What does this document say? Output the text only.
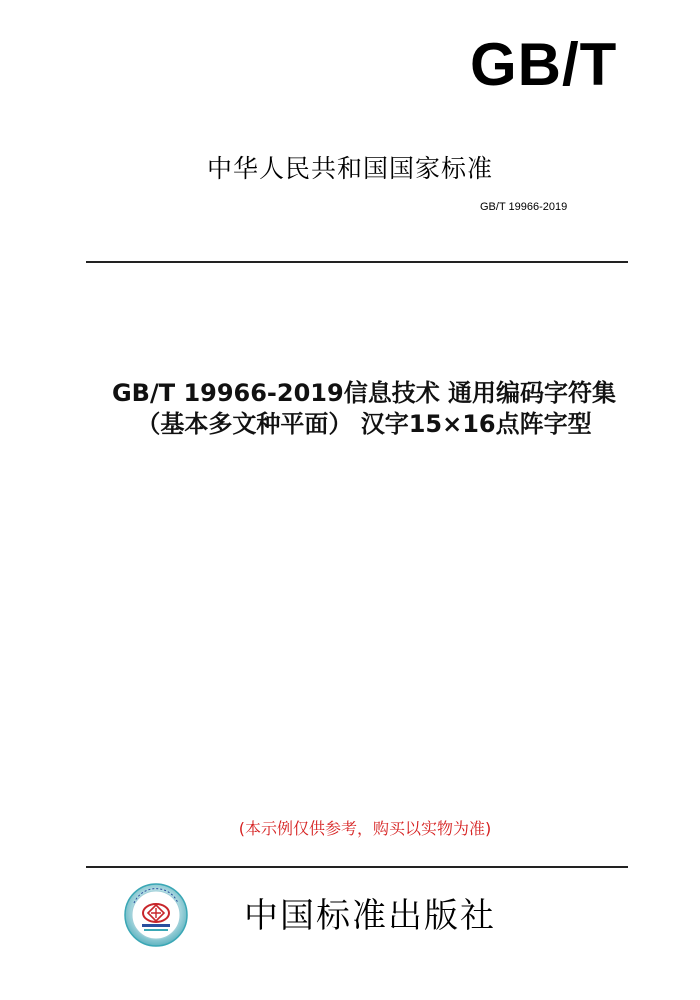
GB/T
中华人民共和国国家标准
GB/T 19966-2019
GB/T 19966-2019信息技术 通用编码字符集
（基本多文种平面） 汉字15×16点阵字型
(本示例仅供参考，购买以实物为准)
中国标准出版社
